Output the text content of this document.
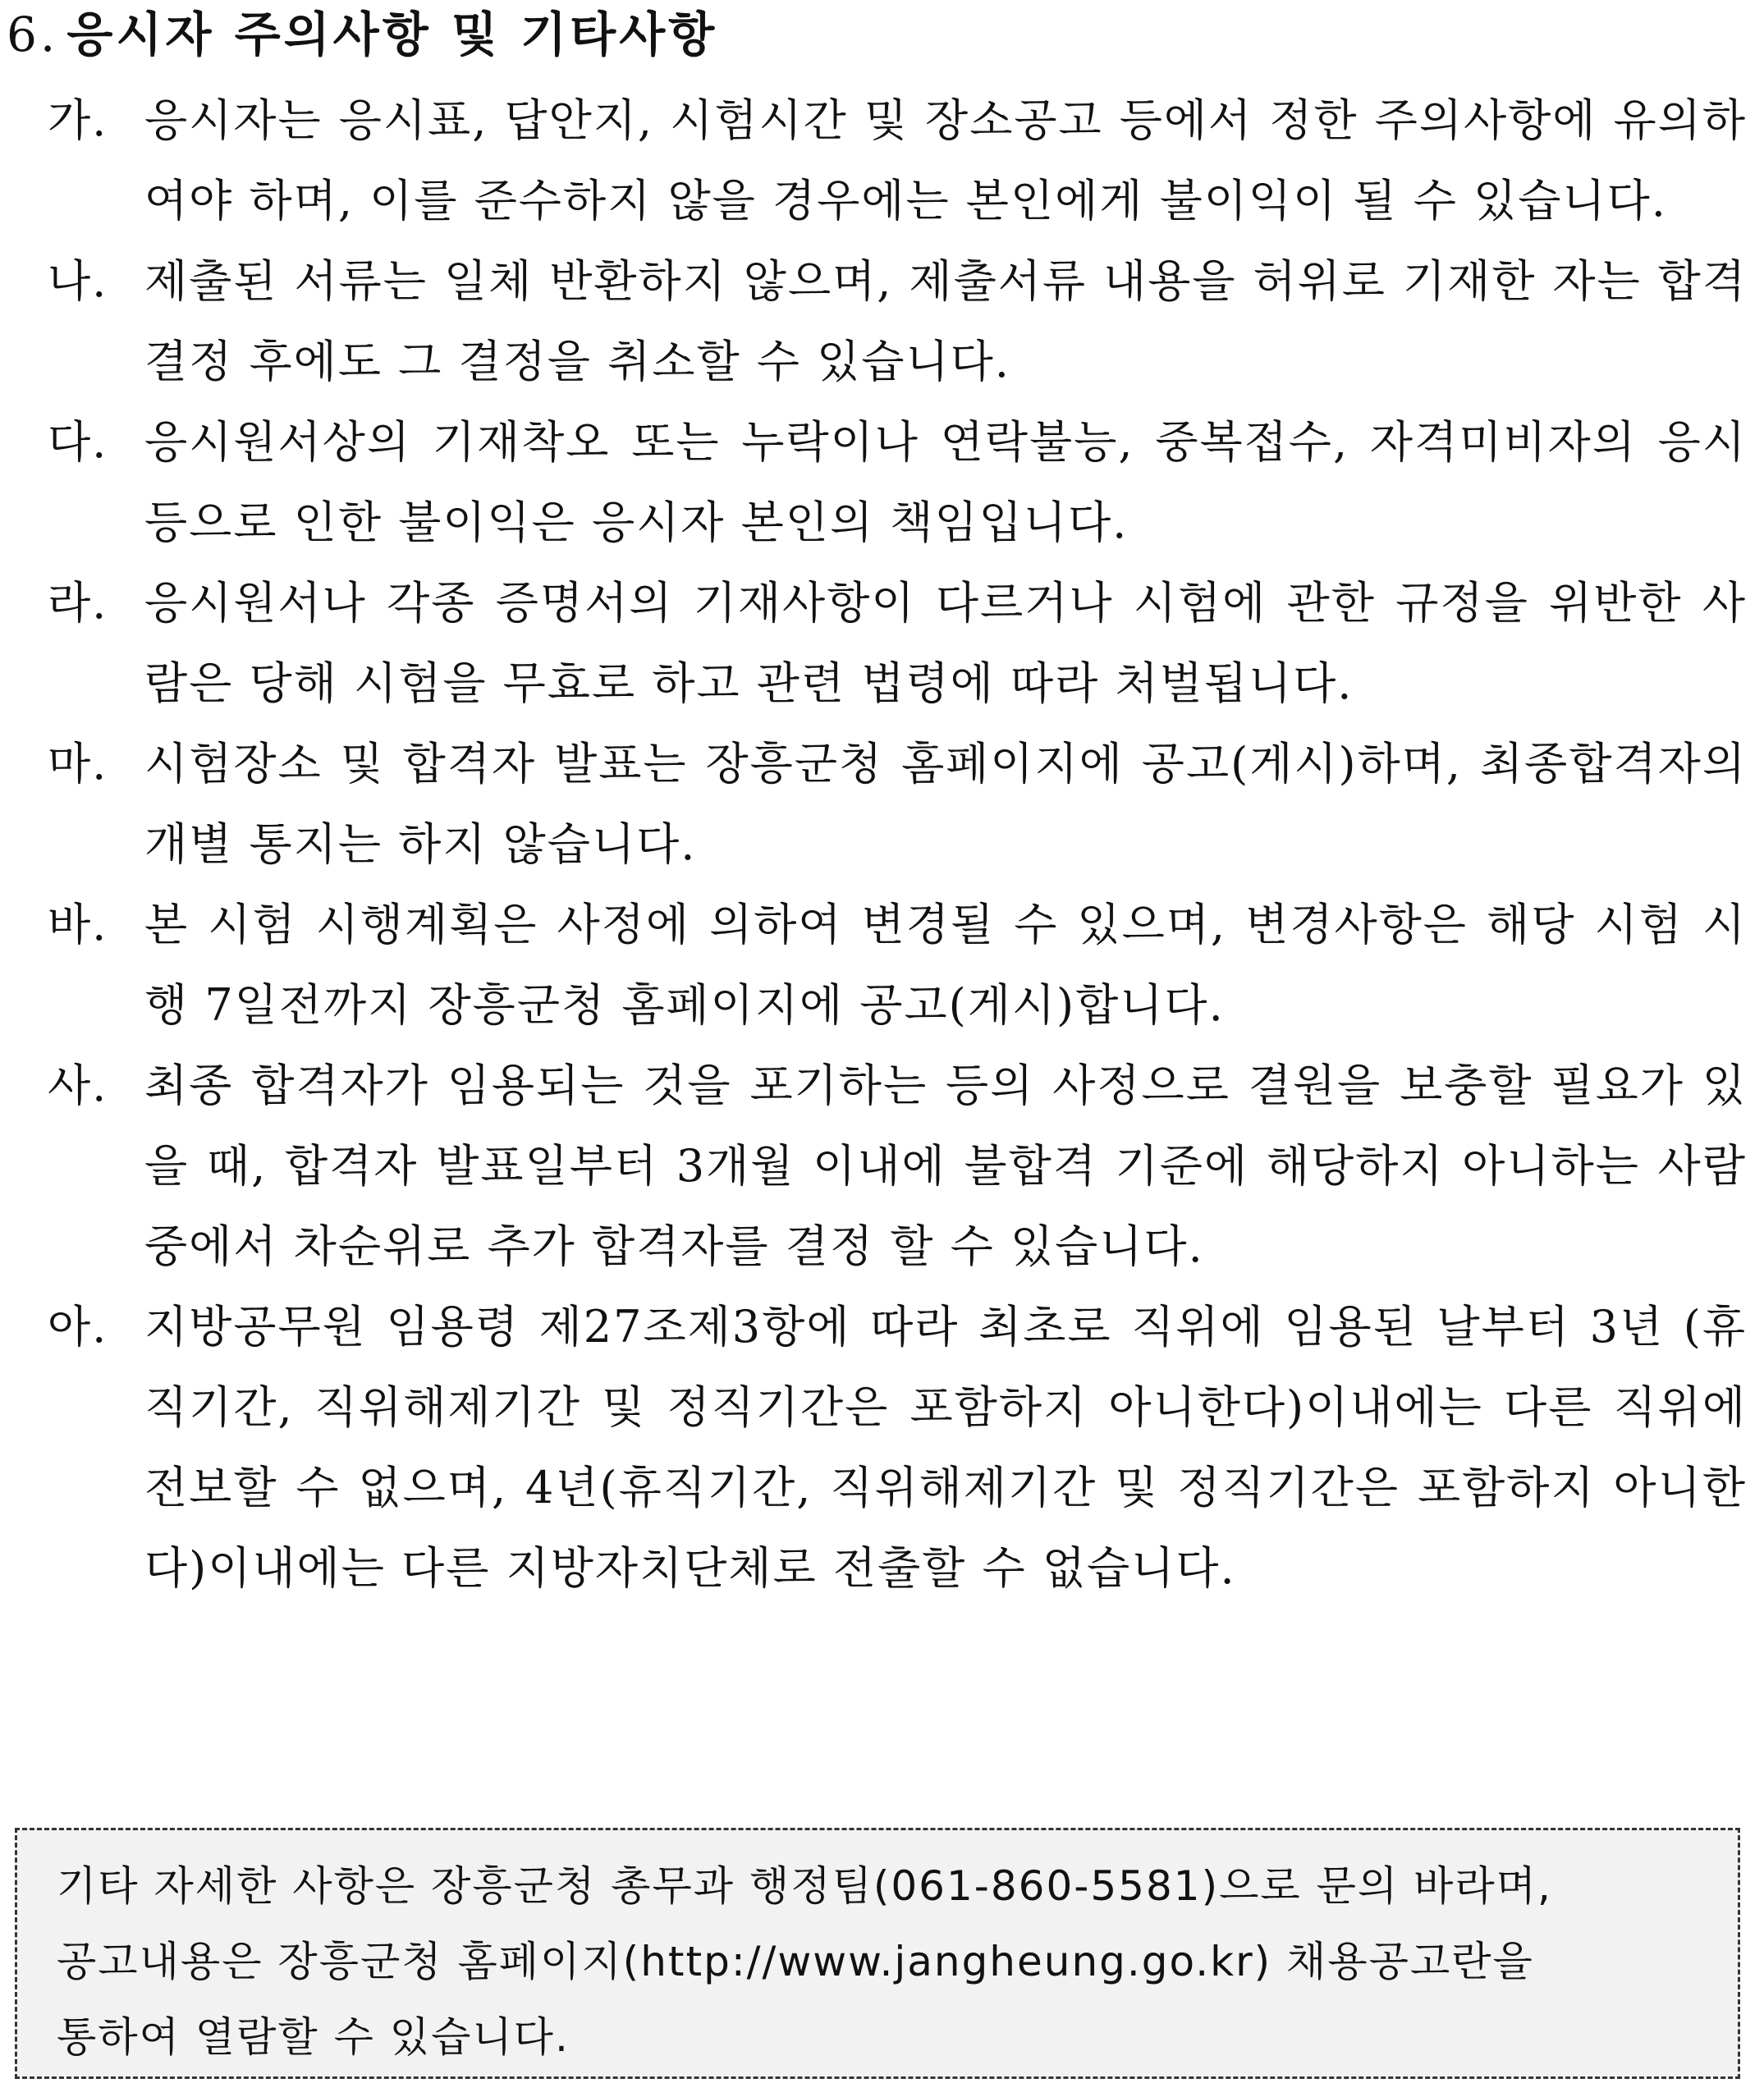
6. 응시자 주의사항 및 기타사항
가. 응시자는 응시표, 답안지, 시험시간 및 장소공고 등에서 정한 주의사항에 유의하여야 하며, 이를 준수하지 않을 경우에는 본인에게 불이익이 될 수 있습니다.
나. 제출된 서류는 일체 반환하지 않으며, 제출서류 내용을 허위로 기재한 자는 합격 결정 후에도 그 결정을 취소할 수 있습니다.
다. 응시원서상의 기재착오 또는 누락이나 연락불능, 중복접수, 자격미비자의 응시 등으로 인한 불이익은 응시자 본인의 책임입니다.
라. 응시원서나 각종 증명서의 기재사항이 다르거나 시험에 관한 규정을 위반한 사람은 당해 시험을 무효로 하고 관련 법령에 따라 처벌됩니다.
마. 시험장소 및 합격자 발표는 장흥군청 홈페이지에 공고(게시)하며, 최종합격자의 개별 통지는 하지 않습니다.
바. 본 시험 시행계획은 사정에 의하여 변경될 수 있으며, 변경사항은 해당 시험 시행 7일전까지 장흥군청 홈페이지에 공고(게시)합니다.
사. 최종 합격자가 임용되는 것을 포기하는 등의 사정으로 결원을 보충할 필요가 있을 때, 합격자 발표일부터 3개월 이내에 불합격 기준에 해당하지 아니하는 사람 중에서 차순위로 추가 합격자를 결정 할 수 있습니다.
아. 지방공무원 임용령 제27조제3항에 따라 최초로 직위에 임용된 날부터 3년 (휴직기간, 직위해제기간 및 정직기간은 포함하지 아니한다)이내에는 다른 직위에 전보할 수 없으며, 4년(휴직기간, 직위해제기간 및 정직기간은 포함하지 아니한다)이내에는 다른 지방자치단체로 전출할 수 없습니다.

기타 자세한 사항은 장흥군청 총무과 행정팀(061-860-5581)으로 문의 바라며,
공고내용은 장흥군청 홈페이지(http://www.jangheung.go.kr) 채용공고란을
통하여 열람할 수 있습니다.
